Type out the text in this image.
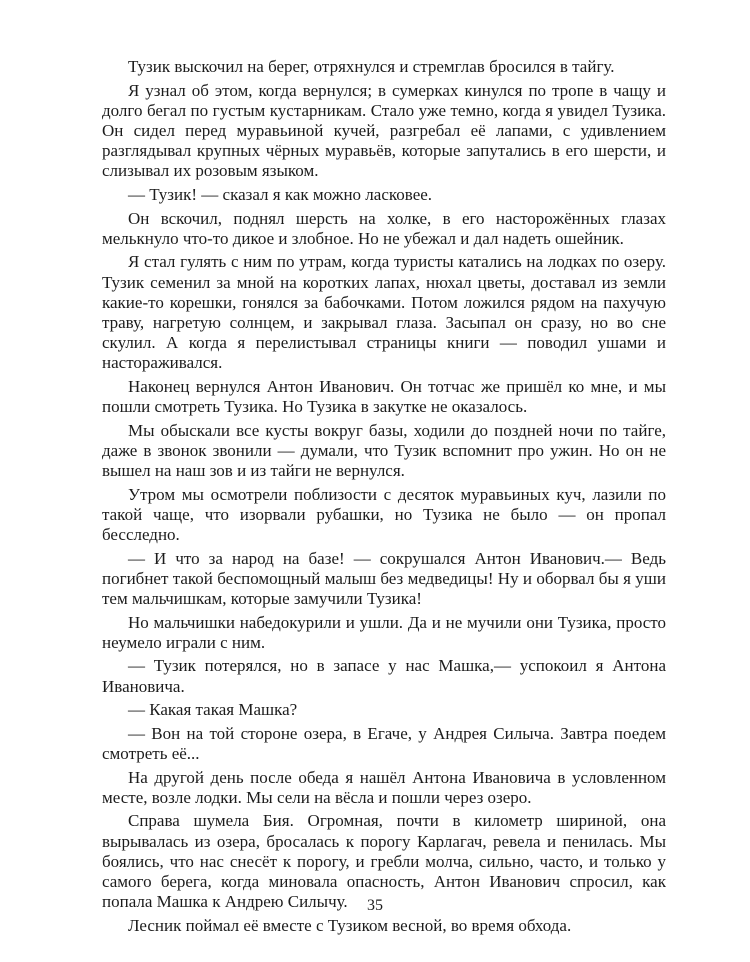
Тузик выскочил на берег, отряхнулся и стремглав бросился в тайгу.

Я узнал об этом, когда вернулся; в сумерках кинулся по тропе в чащу и долго бегал по густым кустарникам. Стало уже темно, когда я увидел Тузика. Он сидел перед муравьиной кучей, разгребал её лапами, с удивлением разглядывал крупных чёрных муравьёв, которые запутались в его шерсти, и слизывал их розовым языком.

— Тузик! — сказал я как можно ласковее.

Он вскочил, поднял шерсть на холке, в его насторожённых глазах мелькнуло что-то дикое и злобное. Но не убежал и дал надеть ошейник.

Я стал гулять с ним по утрам, когда туристы катались на лодках по озеру. Тузик семенил за мной на коротких лапах, нюхал цветы, доставал из земли какие-то корешки, гонялся за бабочками. Потом ложился рядом на пахучую траву, нагретую солнцем, и закрывал глаза. Засыпал он сразу, но во сне скулил. А когда я перелистывал страницы книги — поводил ушами и настораживался.

Наконец вернулся Антон Иванович. Он тотчас же пришёл ко мне, и мы пошли смотреть Тузика. Но Тузика в закутке не оказалось.

Мы обыскали все кусты вокруг базы, ходили до поздней ночи по тайге, даже в звонок звонили — думали, что Тузик вспомнит про ужин. Но он не вышел на наш зов и из тайги не вернулся.

Утром мы осмотрели поблизости с десяток муравьиных куч, лазили по такой чаще, что изорвали рубашки, но Тузика не было — он пропал бесследно.

— И что за народ на базе! — сокрушался Антон Иванович.— Ведь погибнет такой беспомощный малыш без медведицы! Ну и оборвал бы я уши тем мальчишкам, которые замучили Тузика!

Но мальчишки набедокурили и ушли. Да и не мучили они Тузика, просто неумело играли с ним.

— Тузик потерялся, но в запасе у нас Машка,— успокоил я Антона Ивановича.

— Какая такая Машка?

— Вон на той стороне озера, в Егаче, у Андрея Силыча. Завтра поедем смотреть её...

На другой день после обеда я нашёл Антона Ивановича в условленном месте, возле лодки. Мы сели на вёсла и пошли через озеро.

Справа шумела Бия. Огромная, почти в километр шириной, она вырывалась из озера, бросалась к порогу Карлагач, ревела и пенилась. Мы боялись, что нас снесёт к порогу, и гребли молча, сильно, часто, и только у самого берега, когда миновала опасность, Антон Иванович спросил, как попала Машка к Андрею Силычу.

Лесник поймал её вместе с Тузиком весной, во время обхода.

35
